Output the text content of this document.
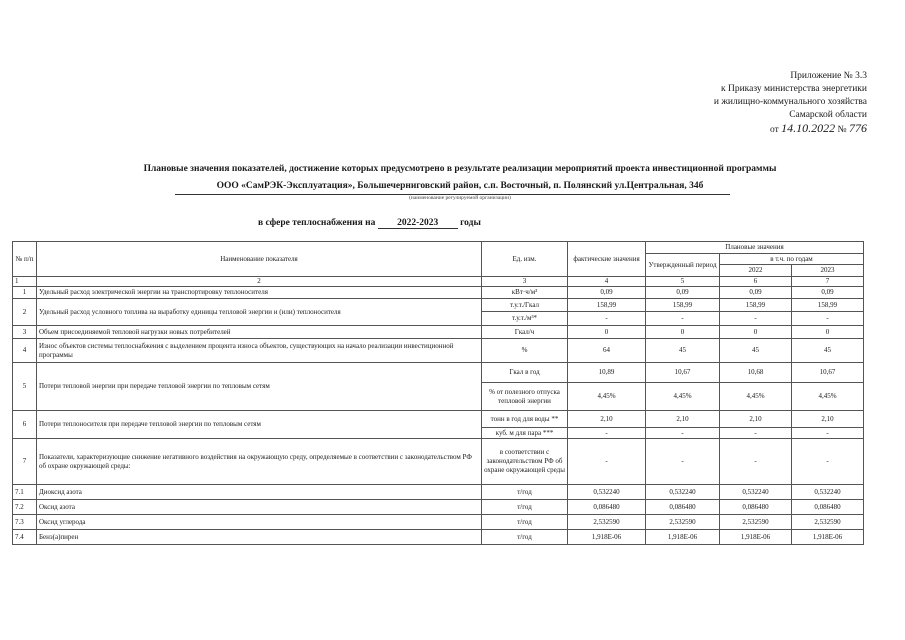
Приложение № 3.3
к Приказу министерства энергетики
и жилищно-коммунального хозяйства
Самарской области
от 14.10.2022 № 776
Плановые значения показателей, достижение которых предусмотрено в результате реализации мероприятий проекта инвестиционной программы
ООО «СамРЭК-Эксплуатация», Большечерниговский район, с.п. Восточный, п. Полянский ул.Центральная, 34б
(наименование регулируемой организации)
в сфере теплоснабжения на 2022-2023 годы
№ п/п	Наименование показателя	Ед. изм.	фактические значения	Плановые значения		
				Утвержденный период	в т.ч. по годам	
					2022	2023
1	2	3	4	5	6	7
1	Удельный расход электрической энергии на транспортировку теплоносителя	кВт·ч/м³	0,09	0,09	0,09	0,09
2	Удельный расход условного топлива на выработку единицы тепловой энергии и (или) теплоносителя	т.у.т./Гкал	158,99	158,99	158,99	158,99
		т.у.т./м³*	-	-	-	-
3	Объем присоединяемой тепловой нагрузки новых потребителей	Гкал/ч	0	0	0	0
4	Износ объектов системы теплоснабжения с выделением процента износа объектов, существующих на начало реализации инвестиционной программы	%	64	45	45	45
5	Потери тепловой энергии при передаче тепловой энергии по тепловым сетям	Гкал в год	10,89	10,67	10,68	10,67
		% от полезного отпуска тепловой энергии	4,45%	4,45%	4,45%	4,45%
6	Потери теплоносителя при передаче тепловой энергии по тепловым сетям	тонн в год для воды **	2,10	2,10	2,10	2,10
		куб. м для пара ***	-	-	-	-
7	Показатели, характеризующие снижение негативного воздействия на окружающую среду, определяемые в соответствии с законодательством РФ об охране окружающей среды:	в соответствии с законодательством РФ об охране окружающей среды	-	-	-	-
7.1	Диоксид азота	т/год	0,532240	0,532240	0,532240	0,532240
7.2	Оксид азота	т/год	0,086480	0,086480	0,086480	0,086480
7.3	Оксид углерода	т/год	2,532590	2,532590	2,532590	2,532590
7.4	Бенз(а)пирен	т/год	1,918E-06	1,918E-06	1,918E-06	1,918E-06
